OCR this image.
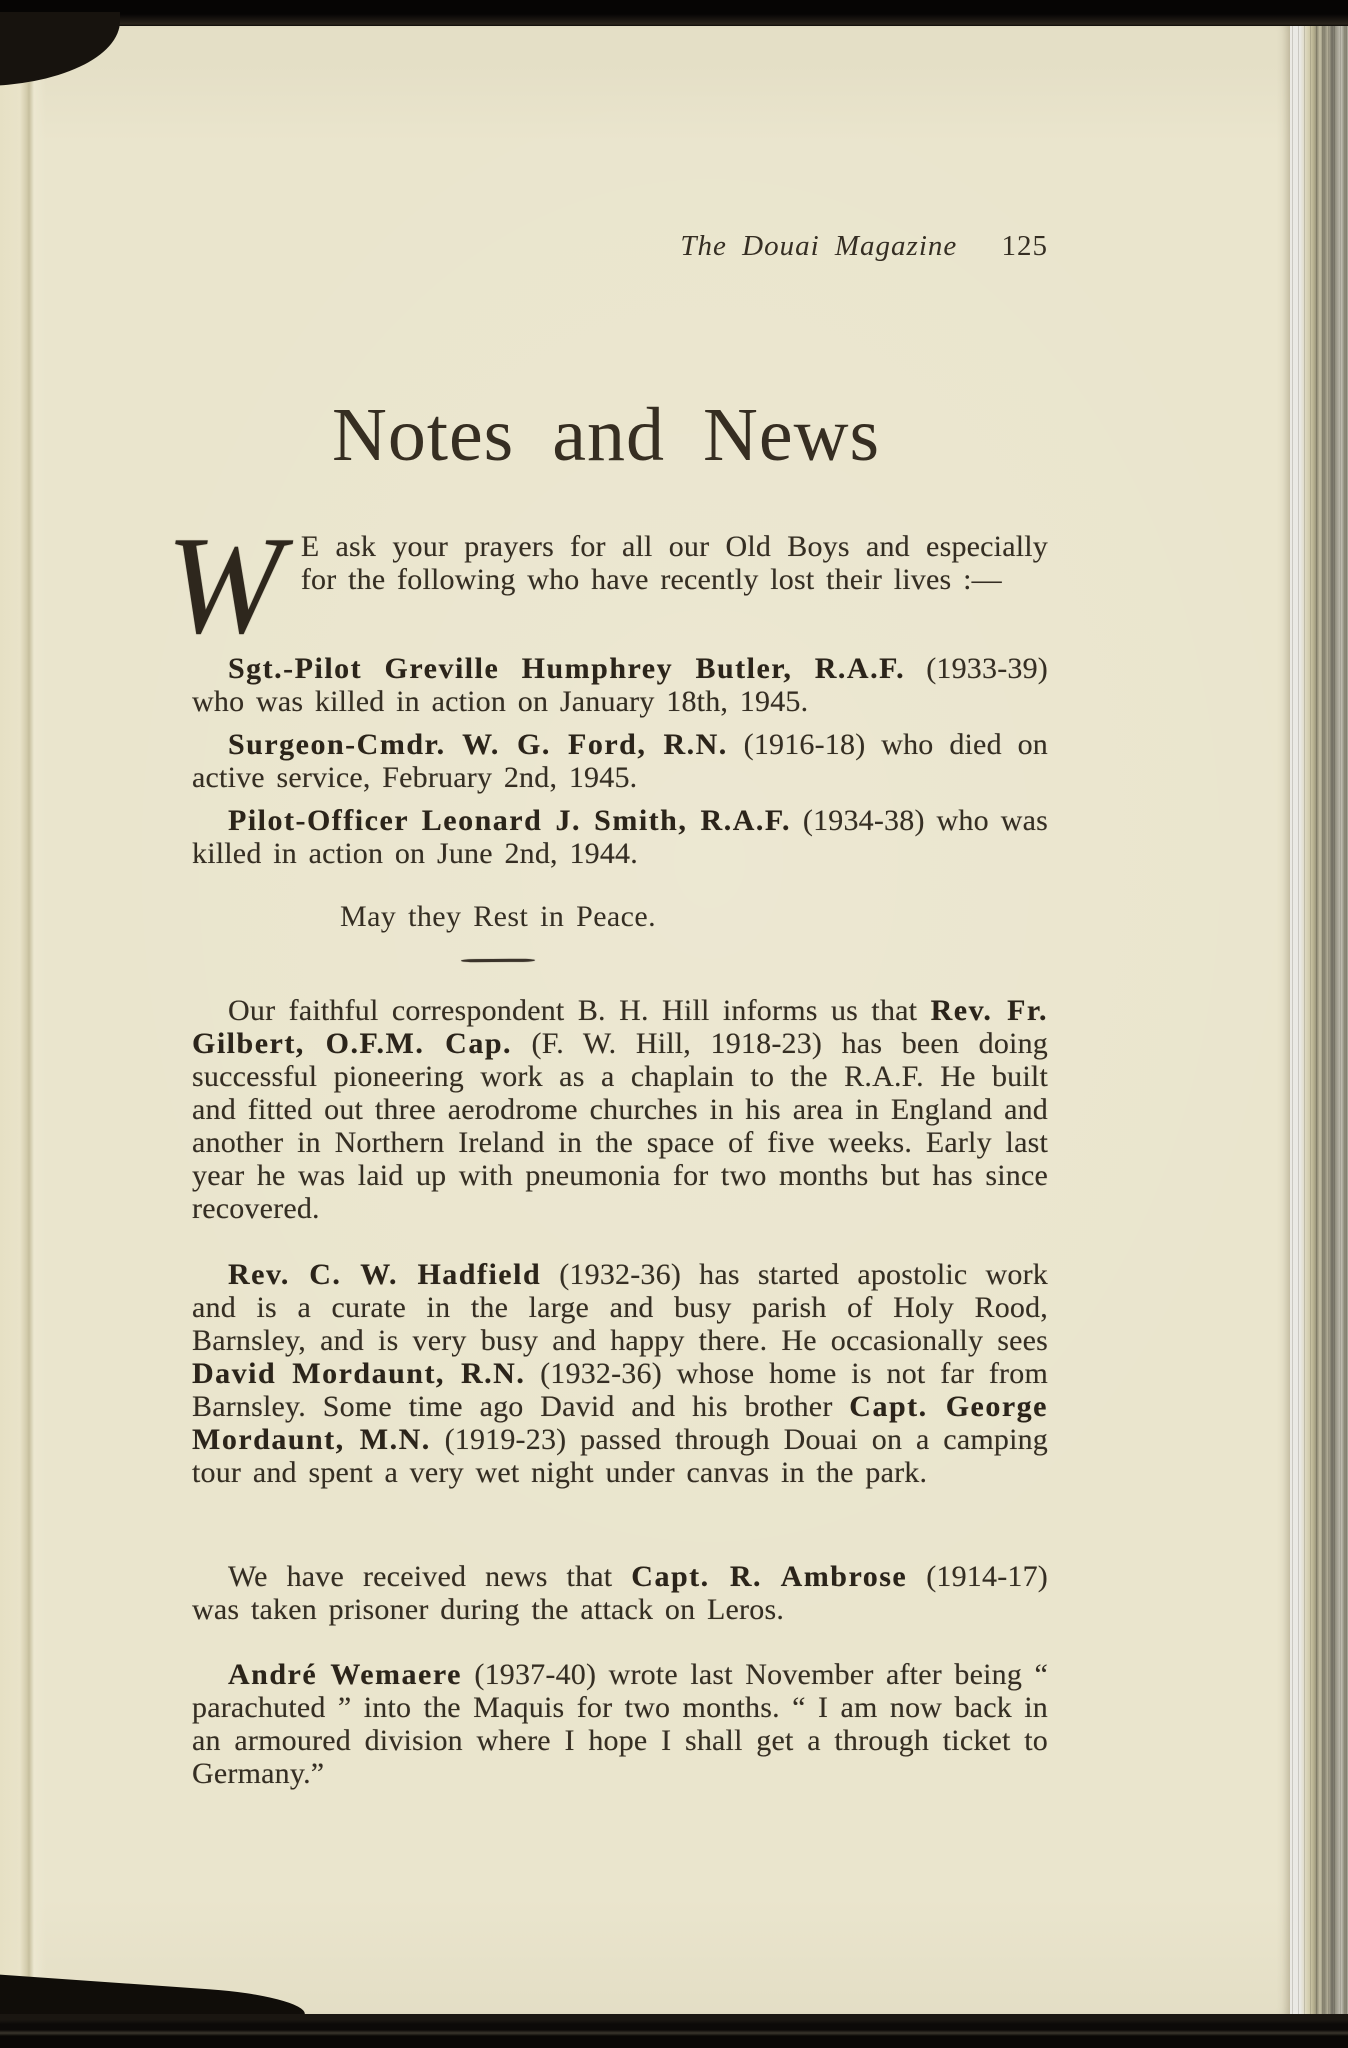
The Douai Magazine 125
Notes and News

W E ask your prayers for all our Old Boys and especially for the following who have recently lost their lives :—

Sgt.-Pilot Greville Humphrey Butler, R.A.F. (1933-39) who was killed in action on January 18th, 1945.

Surgeon-Cmdr. W. G. Ford, R.N. (1916-18) who died on active service, February 2nd, 1945.

Pilot-Officer Leonard J. Smith, R.A.F. (1934-38) who was killed in action on June 2nd, 1944.

May they Rest in Peace.

Our faithful correspondent B. H. Hill informs us that Rev. Fr. Gilbert, O.F.M. Cap. (F. W. Hill, 1918-23) has been doing successful pioneering work as a chaplain to the R.A.F. He built and fitted out three aerodrome churches in his area in England and another in Northern Ireland in the space of five weeks. Early last year he was laid up with pneumonia for two months but has since recovered.

Rev. C. W. Hadfield (1932-36) has started apostolic work and is a curate in the large and busy parish of Holy Rood, Barnsley, and is very busy and happy there. He occasionally sees David Mordaunt, R.N. (1932-36) whose home is not far from Barnsley. Some time ago David and his brother Capt. George Mordaunt, M.N. (1919-23) passed through Douai on a camping tour and spent a very wet night under canvas in the park.

We have received news that Capt. R. Ambrose (1914-17) was taken prisoner during the attack on Leros.

André Wemaere (1937-40) wrote last November after being “ parachuted ” into the Maquis for two months. “ I am now back in an armoured division where I hope I shall get a through ticket to Germany.”
